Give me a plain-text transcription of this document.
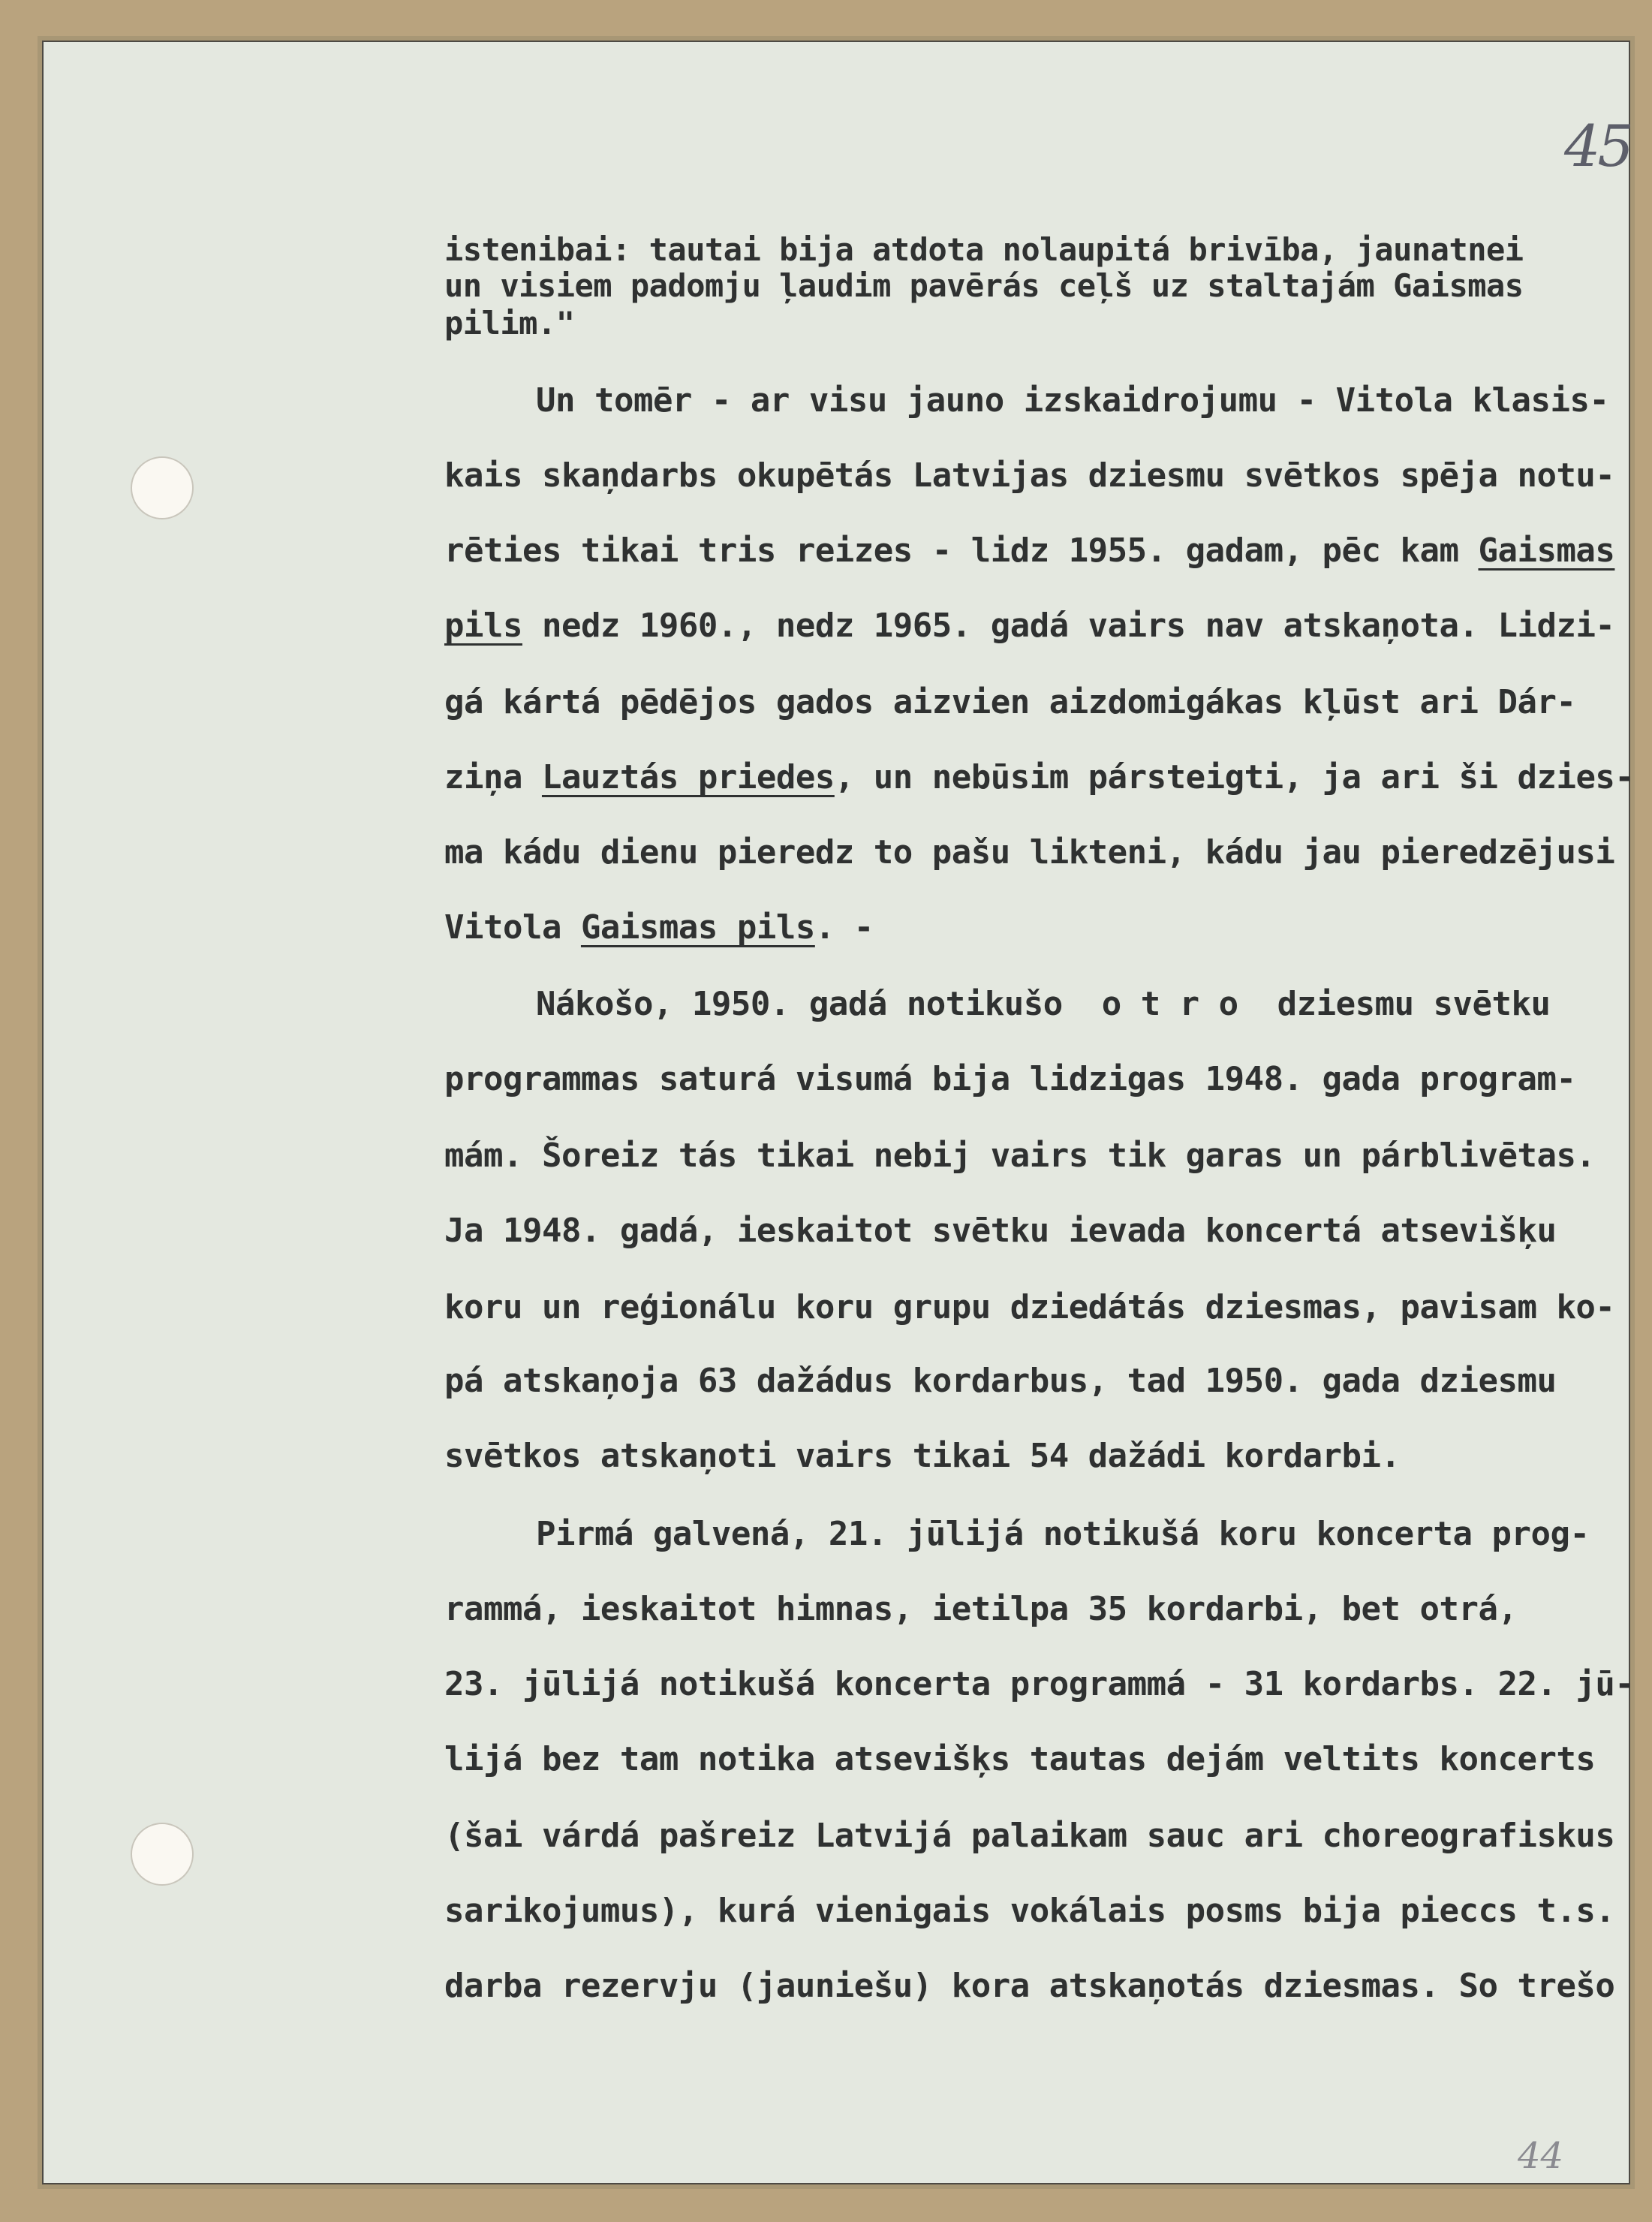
45
44
istenibai: tautai bija atdota nolaupitá brivība, jaunatnei
un visiem padomju ļaudim pavērás ceļš uz staltajám Gaismas
pilim."
Un tomēr - ar visu jauno izskaidrojumu - Vitola klasis-
kais skaņdarbs okupētás Latvijas dziesmu svētkos spēja notu-
rēties tikai tris reizes - lidz 1955. gadam, pēc kam Gaismas
pils nedz 1960., nedz 1965. gadá vairs nav atskaņota. Lidzi-
gá kártá pēdējos gados aizvien aizdomigákas kļūst ari Dár-
ziņa Lauztás priedes, un nebūsim pársteigti, ja ari ši dzies-
ma kádu dienu pieredz to pašu likteni, kádu jau pieredzējusi
Vitola Gaismas pils. -
Nákošo, 1950. gadá notikušo  o t r o  dziesmu svētku
programmas saturá visumá bija lidzigas 1948. gada program-
mám. Šoreiz tás tikai nebij vairs tik garas un párblivētas.
Ja 1948. gadá, ieskaitot svētku ievada koncertá atsevišķu
koru un reģionálu koru grupu dziedátás dziesmas, pavisam ko-
pá atskaņoja 63 dažádus kordarbus, tad 1950. gada dziesmu
svētkos atskaņoti vairs tikai 54 dažádi kordarbi.
Pirmá galvená, 21. jūlijá notikušá koru koncerta prog-
rammá, ieskaitot himnas, ietilpa 35 kordarbi, bet otrá,
23. jūlijá notikušá koncerta programmá - 31 kordarbs. 22. jū-
lijá bez tam notika atsevišķs tautas dejám veltits koncerts
(šai várdá pašreiz Latvijá palaikam sauc ari choreografiskus
sarikojumus), kurá vienigais vokálais posms bija pieccs t.s.
darba rezervju (jauniešu) kora atskaņotás dziesmas. So trešo
